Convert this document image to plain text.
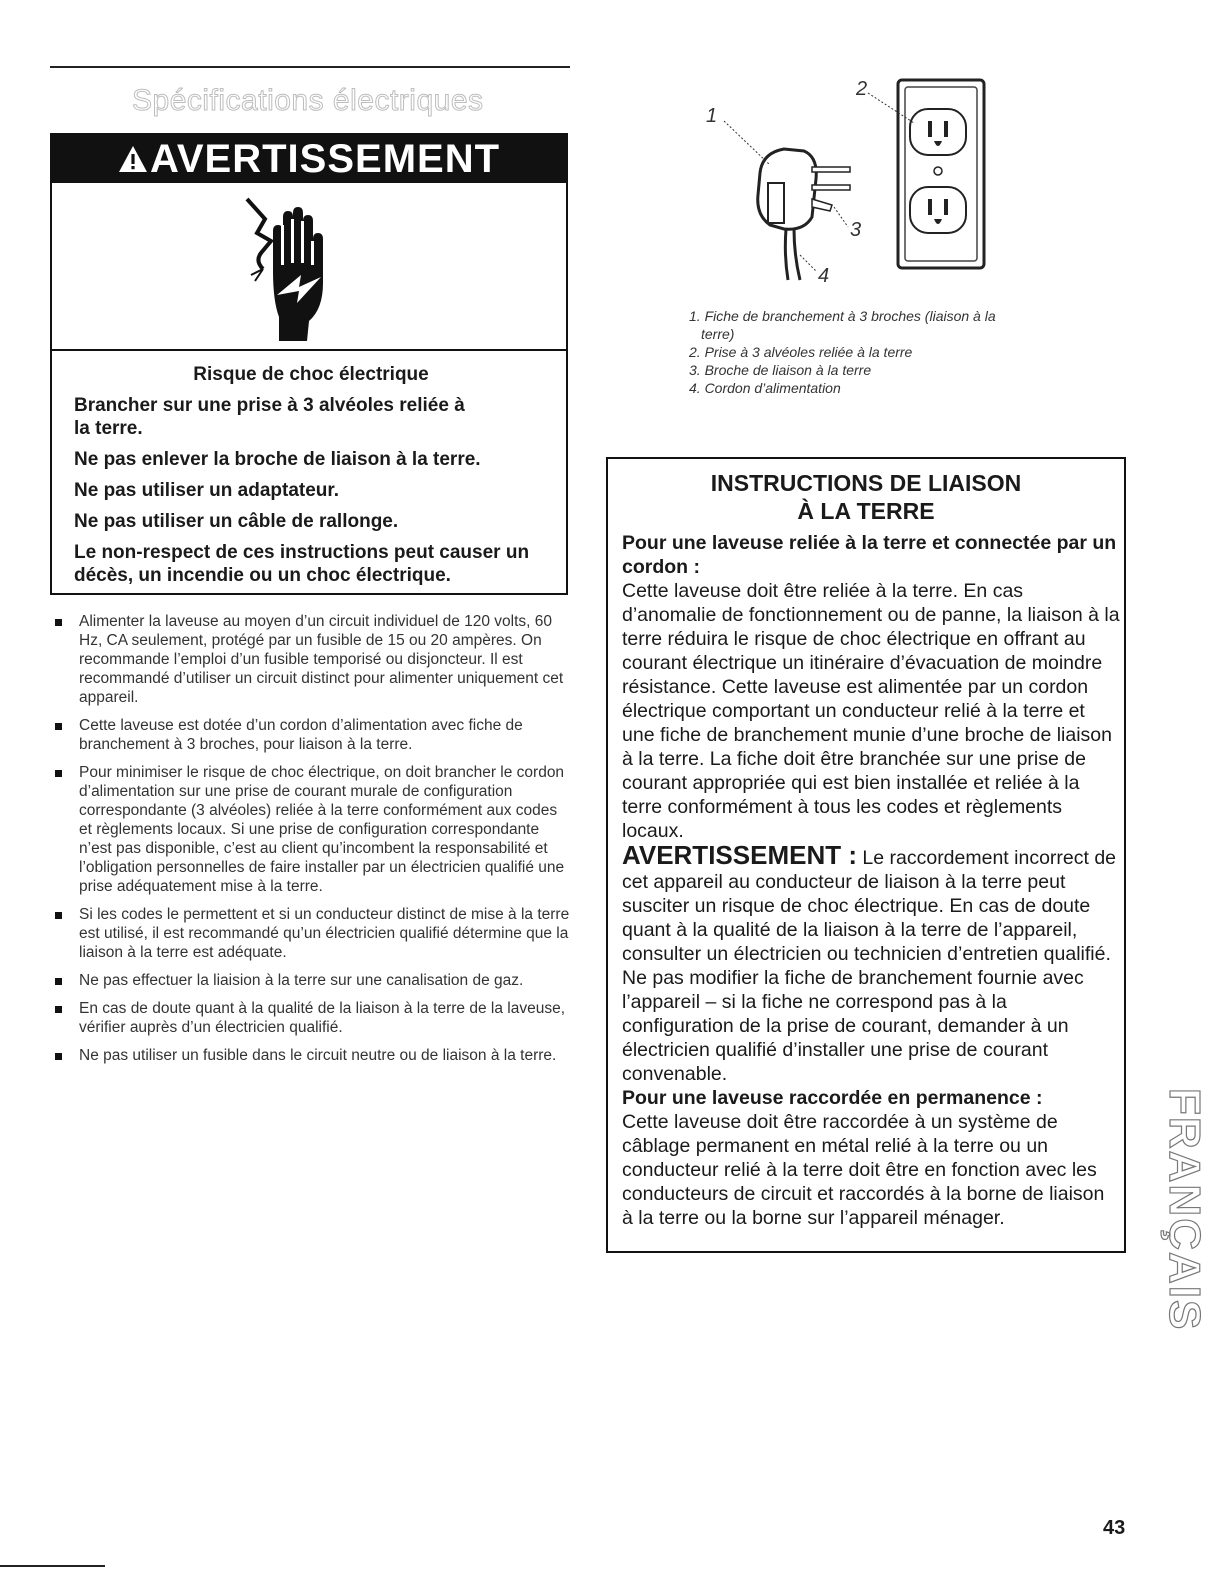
Spécifications électriques
AVERTISSEMENT
Risque de choc électrique

Brancher sur une prise à 3 alvéoles reliée à la terre.

Ne pas enlever la broche de liaison à la terre.

Ne pas utiliser un adaptateur.

Ne pas utiliser un câble de rallonge.

Le non-respect de ces instructions peut causer un décès, un incendie ou un choc électrique.

Alimenter la laveuse au moyen d’un circuit individuel de 120 volts, 60 Hz, CA seulement, protégé par un fusible de 15 ou 20 ampères. On recommande l’emploi d’un fusible temporisé ou disjoncteur. Il est recommandé d’utiliser un circuit distinct pour alimenter uniquement cet appareil.
Cette laveuse est dotée d’un cordon d’alimentation avec fiche de branchement à 3 broches, pour liaison à la terre.
Pour minimiser le risque de choc électrique, on doit brancher le cordon d’alimentation sur une prise de courant murale de configuration correspondante (3 alvéoles) reliée à la terre conformément aux codes et règlements locaux. Si une prise de configuration correspondante n’est pas disponible, c’est au client qu’incombent la responsabilité et l’obligation personnelles de faire installer par un électricien qualifié une prise adéquatement mise à la terre.
Si les codes le permettent et si un conducteur distinct de mise à la terre est utilisé, il est recommandé qu’un électricien qualifié détermine que la liaison à la terre est adéquate.
Ne pas effectuer la liaision à la terre sur une canalisation de gaz.
En cas de doute quant à la qualité de la liaison à la terre de la laveuse, vérifier auprès d’un électricien qualifié.
Ne pas utiliser un fusible dans le circuit neutre ou de liaison à la terre.
1
2
3
4
1. Fiche de branchement à 3 broches (liaison à la
terre)
2. Prise à 3 alvéoles reliée à la terre
3. Broche de liaison à la terre
4. Cordon d’alimentation
INSTRUCTIONS DE LIAISON
À LA TERRE

Pour une laveuse reliée à la terre et connectée par un cordon :

Cette laveuse doit être reliée à la terre. En cas d’anomalie de fonctionnement ou de panne, la liaison à la terre réduira le risque de choc électrique en offrant au courant électrique un itinéraire d’évacuation de moindre résistance. Cette laveuse est alimentée par un cordon électrique comportant un conducteur relié à la terre et une fiche de branchement munie d’une broche de liaison à la terre. La fiche doit être branchée sur une prise de courant appropriée qui est bien installée et reliée à la terre conformément à tous les codes et règlements locaux.

AVERTISSEMENT : Le raccordement incorrect de cet appareil au conducteur de liaison à la terre peut susciter un risque de choc électrique. En cas de doute quant à la qualité de la liaison à la terre de l’appareil, consulter un électricien ou technicien d’entretien qualifié.

Ne pas modifier la fiche de branchement fournie avec l’appareil – si la fiche ne correspond pas à la configuration de la prise de courant, demander à un électricien qualifié d’installer une prise de courant convenable.

Pour une laveuse raccordée en permanence :

Cette laveuse doit être raccordée à un système de câblage permanent en métal relié à la terre ou un conducteur relié à la terre doit être en fonction avec les conducteurs de circuit et raccordés à la borne de liaison à la terre ou la borne sur l’appareil ménager.	FRANÇAIS
43
